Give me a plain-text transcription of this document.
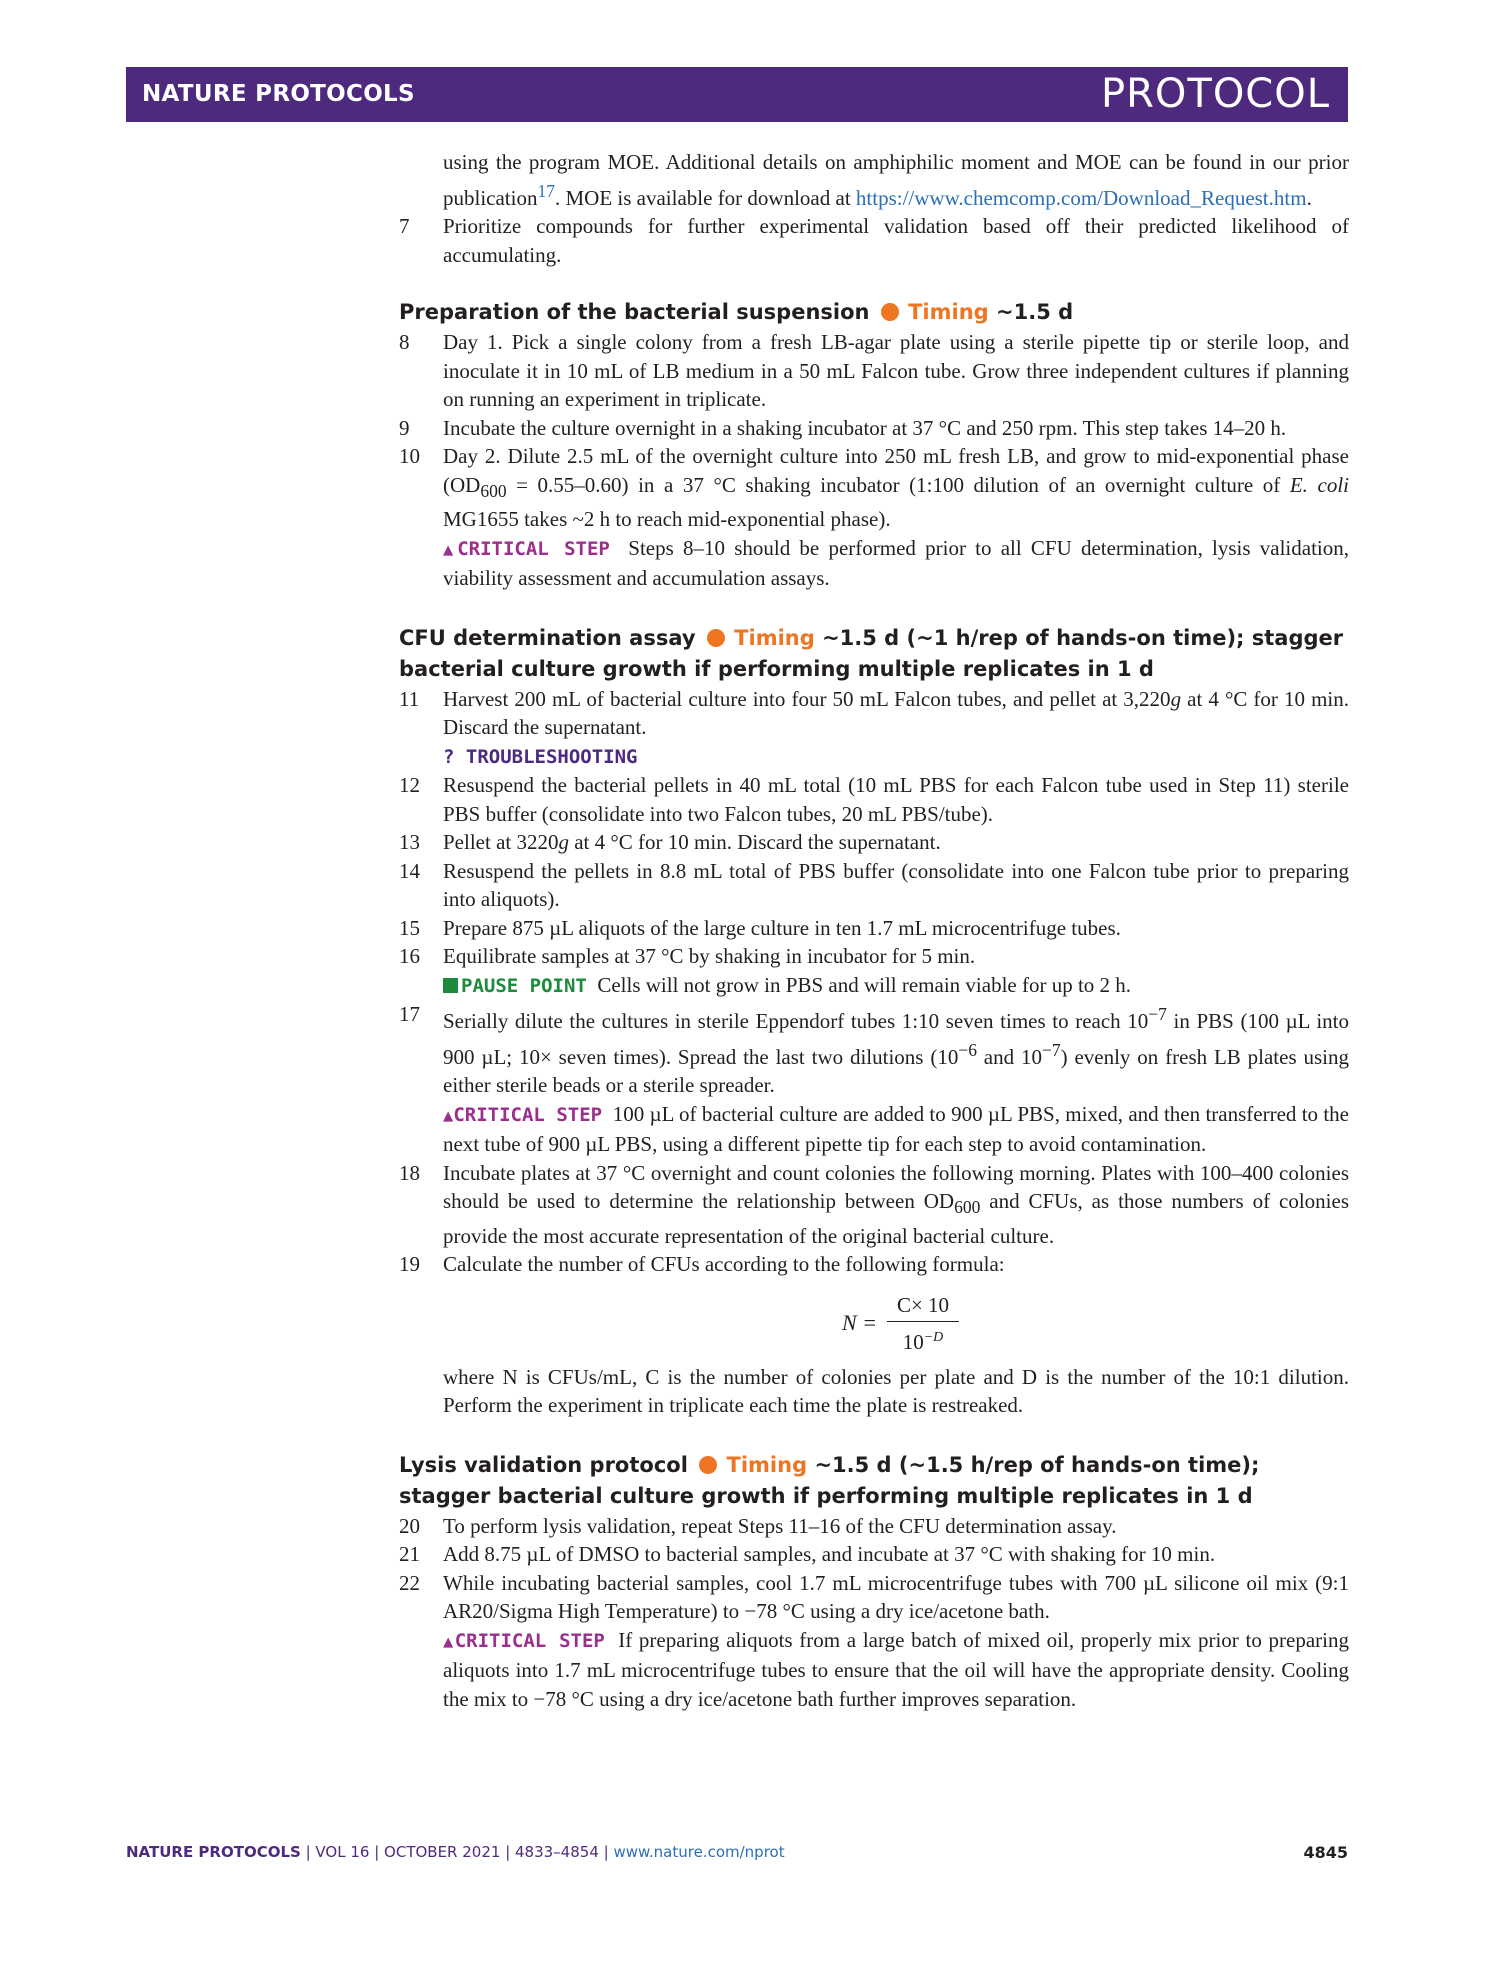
NATURE PROTOCOLS	PROTOCOL
using the program MOE. Additional details on amphiphilic moment and MOE can be found in our prior publication$^{17}$. MOE is available for download at https://www.chemcomp.com/Download_Request.htm.
7 Prioritize compounds for further experimental validation based off their predicted likelihood of accumulating.
Preparation of the bacterial suspension Timing ~1.5 d
8 Day 1. Pick a single colony from a fresh LB-agar plate using a sterile pipette tip or sterile loop, and inoculate it in 10 mL of LB medium in a 50 mL Falcon tube. Grow three independent cultures if planning on running an experiment in triplicate.
9 Incubate the culture overnight in a shaking incubator at 37 °C and 250 rpm. This step takes 14–20 h.
10 Day 2. Dilute 2.5 mL of the overnight culture into 250 mL fresh LB, and grow to mid-exponential phase $(OD_{600} = 0.55-0.60)$ in a 37 °C shaking incubator (1:100 dilution of an overnight culture of E. coli MG1655 takes ~2 h to reach mid-exponential phase).
▲CRITICAL STEP Steps 8–10 should be performed prior to all CFU determination, lysis validation, viability assessment and accumulation assays.
CFU determination assay Timing ~1.5 d (~1 h/rep of hands-on time); stagger bacterial culture growth if performing multiple replicates in 1 d
11 Harvest 200 mL of bacterial culture into four 50 mL Falcon tubes, and pellet at 3,220g at 4 °C for 10 min. Discard the supernatant.
? TROUBLESHOOTING
12 Resuspend the bacterial pellets in 40 mL total (10 mL PBS for each Falcon tube used in Step 11) sterile PBS buffer (consolidate into two Falcon tubes, 20 mL PBS/tube).
13 Pellet at 3220g at 4 °C for 10 min. Discard the supernatant.
14 Resuspend the pellets in 8.8 mL total of PBS buffer (consolidate into one Falcon tube prior to preparing into aliquots).
15 Prepare 875 µL aliquots of the large culture in ten 1.7 mL microcentrifuge tubes.
16 Equilibrate samples at 37 °C by shaking in incubator for 5 min.
PAUSE POINT Cells will not grow in PBS and will remain viable for up to 2 h.
17 Serially dilute the cultures in sterile Eppendorf tubes 1:10 seven times to reach $10^{-7}$ in PBS (100 µL into 900 µL; 10× seven times). Spread the last two dilutions ($10^{-6}$ and $10^{-7}$) evenly on fresh LB plates using either sterile beads or a sterile spreader.
▲CRITICAL STEP 100 µL of bacterial culture are added to 900 µL PBS, mixed, and then transferred to the next tube of 900 µL PBS, using a different pipette tip for each step to avoid contamination.
18 Incubate plates at 37 °C overnight and count colonies the following morning. Plates with 100–400 colonies should be used to determine the relationship between $OD_{600}$ and CFUs, as those numbers of colonies provide the most accurate representation of the original bacterial culture.
19 Calculate the number of CFUs according to the following formula:
N =
C× 10
$10^{-D}$
where N is CFUs/mL, C is the number of colonies per plate and D is the number of the 10:1 dilution. Perform the experiment in triplicate each time the plate is restreaked.
Lysis validation protocol Timing ~1.5 d (~1.5 h/rep of hands-on time); stagger bacterial culture growth if performing multiple replicates in 1 d
20 To perform lysis validation, repeat Steps 11–16 of the CFU determination assay.
21 Add 8.75 µL of DMSO to bacterial samples, and incubate at 37 °C with shaking for 10 min.
22 While incubating bacterial samples, cool 1.7 mL microcentrifuge tubes with 700 µL silicone oil mix (9:1 AR20/Sigma High Temperature) to −78 °C using a dry ice/acetone bath.
▲CRITICAL STEP If preparing aliquots from a large batch of mixed oil, properly mix prior to preparing aliquots into 1.7 mL microcentrifuge tubes to ensure that the oil will have the appropriate density. Cooling the mix to −78 °C using a dry ice/acetone bath further improves separation.
NATURE PROTOCOLS | VOL 16 | OCTOBER 2021 | 4833–4854 | www.nature.com/nprot	4845
